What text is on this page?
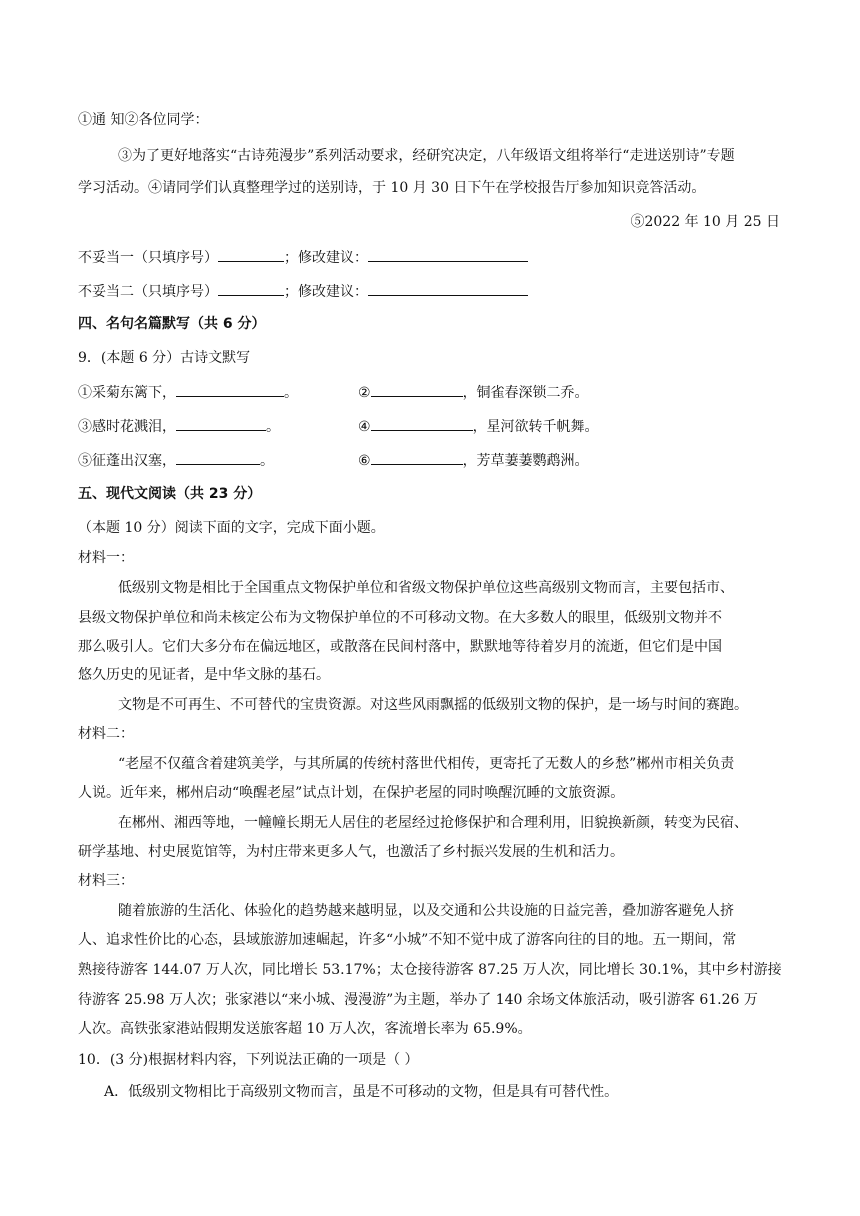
①通 知②各位同学：
③为了更好地落实“古诗苑漫步”系列活动要求，经研究决定，八年级语文组将举行“走进送别诗”专题
学习活动。④请同学们认真整理学过的送别诗，于 10 月 30 日下午在学校报告厅参加知识竞答活动。
⑤2022 年 10 月 25 日
不妥当一（只填序号）	；修改建议：
不妥当二（只填序号）	；修改建议：
四、名句名篇默写（共 6 分）
9．(本题 6 分）古诗文默写
①采菊东篱下，	。	②	，铜雀春深锁二乔。
③感时花溅泪，	。	④	，星河欲转千帆舞。
⑤征蓬出汉塞，	。	⑥	，芳草萋萋鹦鹉洲。
五、现代文阅读（共 23 分）
（本题 10 分）阅读下面的文字，完成下面小题。
材料一：
低级别文物是相比于全国重点文物保护单位和省级文物保护单位这些高级别文物而言，主要包括市、
县级文物保护单位和尚未核定公布为文物保护单位的不可移动文物。在大多数人的眼里，低级别文物并不
那么吸引人。它们大多分布在偏远地区，或散落在民间村落中，默默地等待着岁月的流逝，但它们是中国
悠久历史的见证者，是中华文脉的基石。
文物是不可再生、不可替代的宝贵资源。对这些风雨飘摇的低级别文物的保护，是一场与时间的赛跑。
材料二：
“老屋不仅蕴含着建筑美学，与其所属的传统村落世代相传，更寄托了无数人的乡愁”郴州市相关负责
人说。近年来，郴州启动“唤醒老屋”试点计划，在保护老屋的同时唤醒沉睡的文旅资源。
在郴州、湘西等地，一幢幢长期无人居住的老屋经过抢修保护和合理利用，旧貌换新颜，转变为民宿、
研学基地、村史展览馆等，为村庄带来更多人气，也激活了乡村振兴发展的生机和活力。
材料三：
随着旅游的生活化、体验化的趋势越来越明显，以及交通和公共设施的日益完善，叠加游客避免人挤
人、追求性价比的心态，县域旅游加速崛起，许多“小城”不知不觉中成了游客向往的目的地。五一期间，常
熟接待游客 144.07 万人次，同比增长 53.17%；太仓接待游客 87.25 万人次，同比增长 30.1%，其中乡村游接
待游客 25.98 万人次；张家港以“来小城、漫漫游”为主题，举办了 140 余场文体旅活动，吸引游客 61.26 万
人次。高铁张家港站假期发送旅客超 10 万人次，客流增长率为 65.9%。
10．(3 分)根据材料内容，下列说法正确的一项是（ ）
A．低级别文物相比于高级别文物而言，虽是不可移动的文物，但是具有可替代性。
